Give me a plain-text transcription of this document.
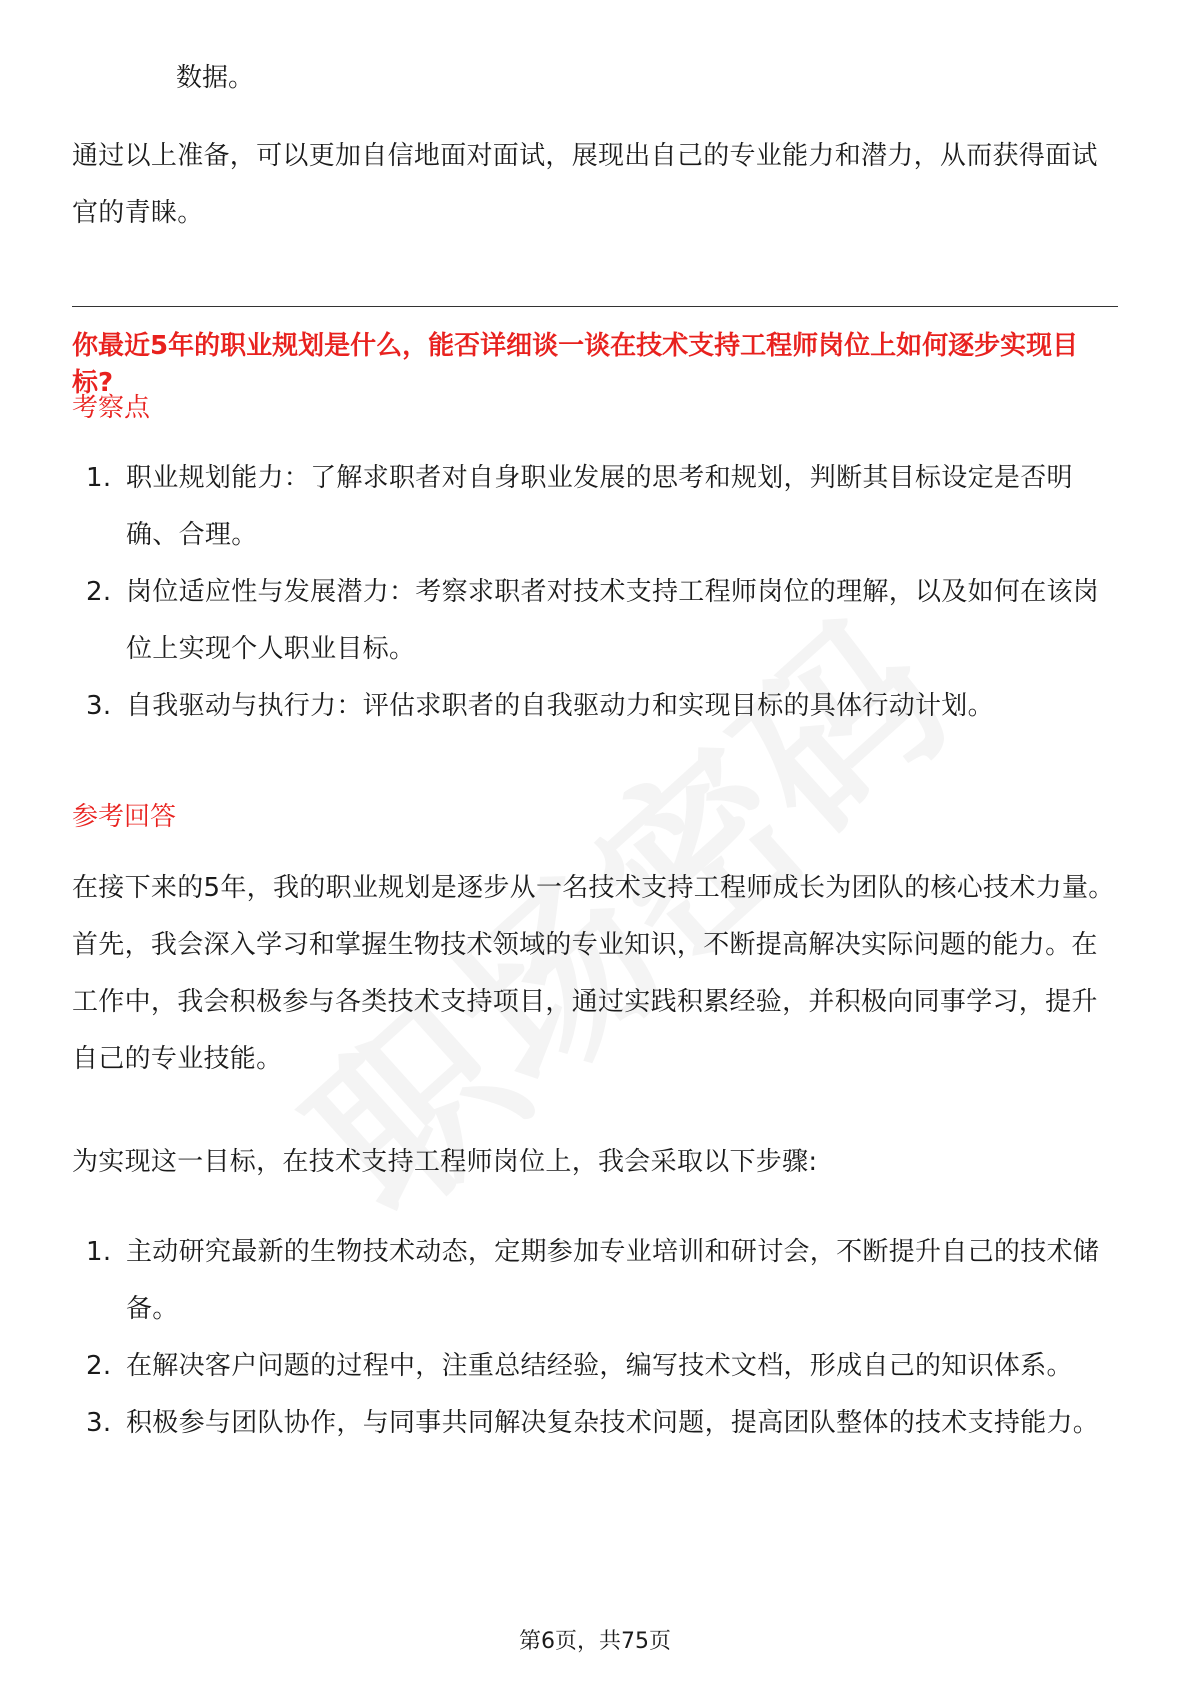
数据。
通过以上准备，可以更加自信地面对面试，展现出自己的专业能力和潜力，从而获得面试官的青睐。
你最近5年的职业规划是什么，能否详细谈一谈在技术支持工程师岗位上如何逐步实现目标?
考察点
1. 职业规划能力：了解求职者对自身职业发展的思考和规划，判断其目标设定是否明确、合理。
2. 岗位适应性与发展潜力：考察求职者对技术支持工程师岗位的理解，以及如何在该岗位上实现个人职业目标。
3. 自我驱动与执行力：评估求职者的自我驱动力和实现目标的具体行动计划。
参考回答
在接下来的5年，我的职业规划是逐步从一名技术支持工程师成长为团队的核心技术力量。首先，我会深入学习和掌握生物技术领域的专业知识，不断提高解决实际问题的能力。在工作中，我会积极参与各类技术支持项目，通过实践积累经验，并积极向同事学习，提升自己的专业技能。
为实现这一目标，在技术支持工程师岗位上，我会采取以下步骤:
1. 主动研究最新的生物技术动态，定期参加专业培训和研讨会，不断提升自己的技术储备。
2. 在解决客户问题的过程中，注重总结经验，编写技术文档，形成自己的知识体系。
3. 积极参与团队协作，与同事共同解决复杂技术问题，提高团队整体的技术支持能力。
第6页，共75页
